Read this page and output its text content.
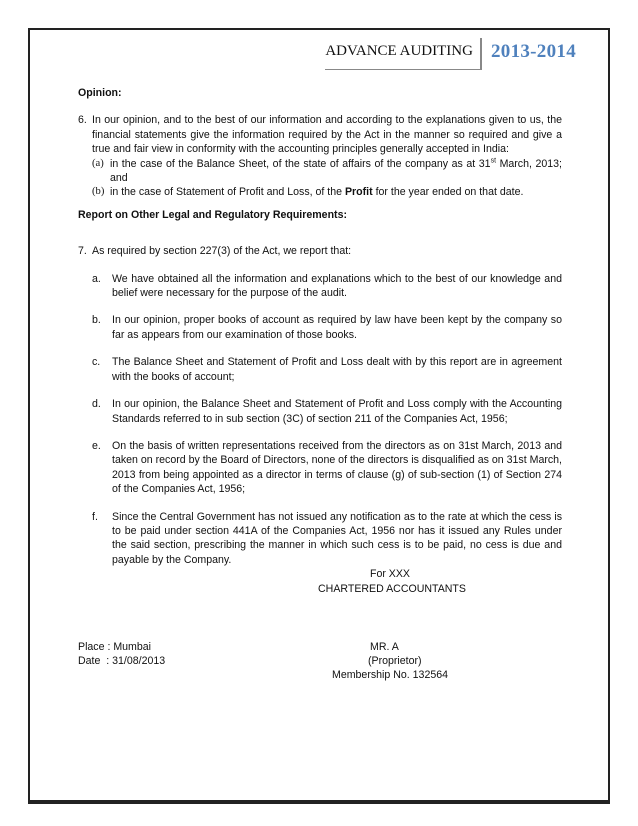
ADVANCE AUDITING 2013-2014
Opinion:
6. In our opinion, and to the best of our information and according to the explanations given to us, the financial statements give the information required by the Act in the manner so required and give a true and fair view in conformity with the accounting principles generally accepted in India:
(a) in the case of the Balance Sheet, of the state of affairs of the company as at 31st March, 2013; and
(b) in the case of Statement of Profit and Loss, of the Profit for the year ended on that date.
Report on Other Legal and Regulatory Requirements:
7. As required by section 227(3) of the Act, we report that:
a. We have obtained all the information and explanations which to the best of our knowledge and belief were necessary for the purpose of the audit.
b. In our opinion, proper books of account as required by law have been kept by the company so far as appears from our examination of those books.
c. The Balance Sheet and Statement of Profit and Loss dealt with by this report are in agreement with the books of account;
d. In our opinion, the Balance Sheet and Statement of Profit and Loss comply with the Accounting Standards referred to in sub section (3C) of section 211 of the Companies Act, 1956;
e. On the basis of written representations received from the directors as on 31st March, 2013 and taken on record by the Board of Directors, none of the directors is disqualified as on 31st March, 2013 from being appointed as a director in terms of clause (g) of sub-section (1) of Section 274 of the Companies Act, 1956;
f. Since the Central Government has not issued any notification as to the rate at which the cess is to be paid under section 441A of the Companies Act, 1956 nor has it issued any Rules under the said section, prescribing the manner in which such cess is to be paid, no cess is due and payable by the Company.
For XXX
CHARTERED ACCOUNTANTS
Place : Mumbai
Date  : 31/08/2013
MR. A
(Proprietor)
Membership No. 132564
